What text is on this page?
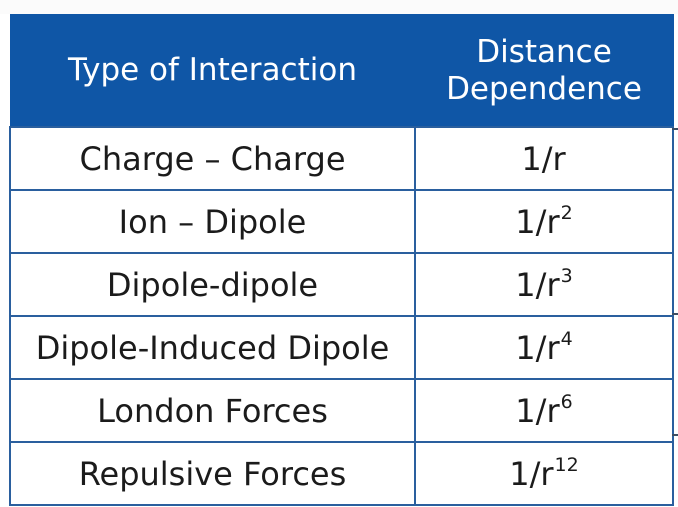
Type of Interaction	Distance
Dependence
Charge – Charge	1/r
Ion – Dipole	$1/r^2$
Dipole-dipole	$1/r^3$
Dipole-Induced Dipole	$1/r^4$
London Forces	$1/r^6$
Repulsive Forces	$1/r^{12}$
